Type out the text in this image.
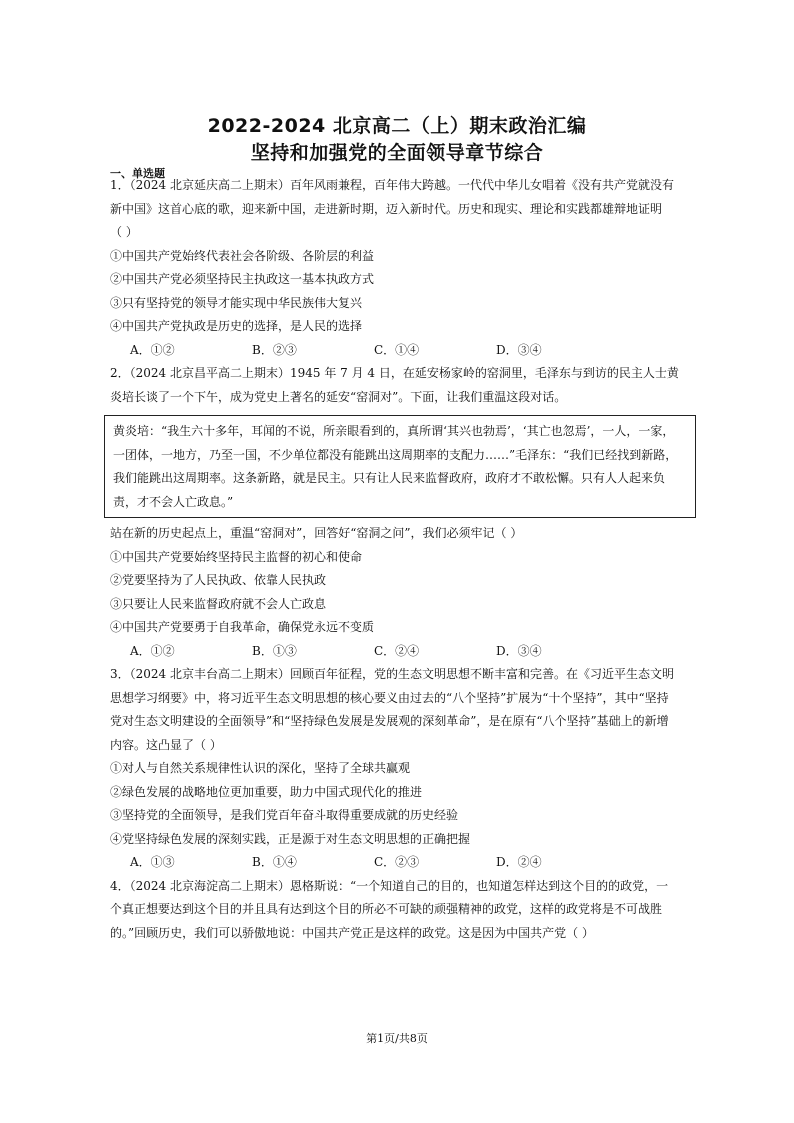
2022-2024 北京高二（上）期末政治汇编
坚持和加强党的全面领导章节综合
一、单选题
1．（2024 北京延庆高二上期末）百年风雨兼程，百年伟大跨越。一代代中华儿女唱着《没有共产党就没有
新中国》这首心底的歌，迎来新中国，走进新时期，迈入新时代。历史和现实、理论和实践都雄辩地证明
（ ）
①中国共产党始终代表社会各阶级、各阶层的利益
②中国共产党必须坚持民主执政这一基本执政方式
③只有坚持党的领导才能实现中华民族伟大复兴
④中国共产党执政是历史的选择，是人民的选择
A．①②	B．②③	C．①④	D．③④
2．（2024 北京昌平高二上期末）1945 年 7 月 4 日，在延安杨家岭的窑洞里，毛泽东与到访的民主人士黄
炎培长谈了一个下午，成为党史上著名的延安“窑洞对”。下面，让我们重温这段对话。
黄炎培：“我生六十多年，耳闻的不说，所亲眼看到的，真所谓‘其兴也勃焉’，‘其亡也忽焉’，一人，一家，
一团体，一地方，乃至一国，不少单位都没有能跳出这周期率的支配力……”毛泽东：“我们已经找到新路，
我们能跳出这周期率。这条新路，就是民主。只有让人民来监督政府，政府才不敢松懈。只有人人起来负
责，才不会人亡政息。”
站在新的历史起点上，重温“窑洞对”，回答好“窑洞之问”，我们必须牢记（ ）
①中国共产党要始终坚持民主监督的初心和使命
②党要坚持为了人民执政、依靠人民执政
③只要让人民来监督政府就不会人亡政息
④中国共产党要勇于自我革命，确保党永远不变质
A．①②	B．①③	C．②④	D．③④
3．（2024 北京丰台高二上期末）回顾百年征程，党的生态文明思想不断丰富和完善。在《习近平生态文明
思想学习纲要》中，将习近平生态文明思想的核心要义由过去的“八个坚持”扩展为“十个坚持”，其中“坚持
党对生态文明建设的全面领导”和“坚持绿色发展是发展观的深刻革命”，是在原有“八个坚持”基础上的新增
内容。这凸显了（ ）
①对人与自然关系规律性认识的深化，坚持了全球共赢观
②绿色发展的战略地位更加重要，助力中国式现代化的推进
③坚持党的全面领导，是我们党百年奋斗取得重要成就的历史经验
④党坚持绿色发展的深刻实践，正是源于对生态文明思想的正确把握
A．①③	B．①④	C．②③	D．②④
4．（2024 北京海淀高二上期末）恩格斯说：“一个知道自己的目的，也知道怎样达到这个目的的政党，一
个真正想要达到这个目的并且具有达到这个目的所必不可缺的顽强精神的政党，这样的政党将是不可战胜
的。”回顾历史，我们可以骄傲地说：中国共产党正是这样的政党。这是因为中国共产党（ ）
第1页/共8页
